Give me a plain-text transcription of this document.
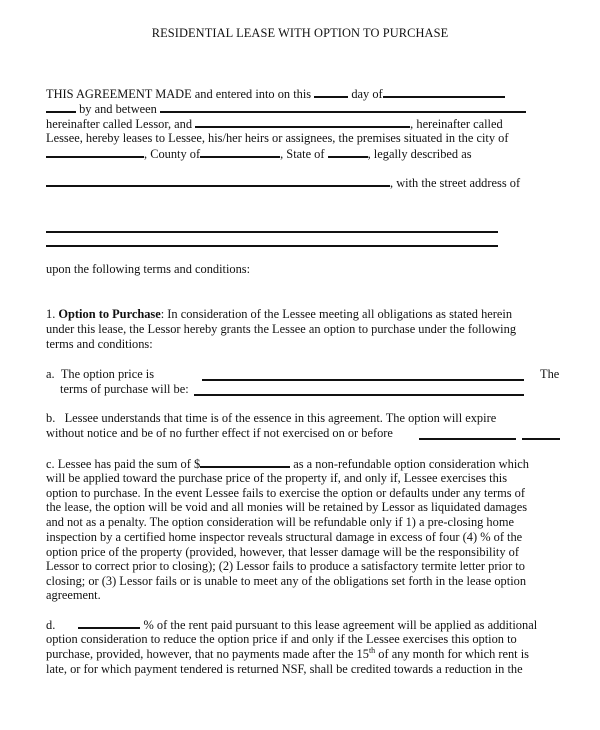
RESIDENTIAL LEASE WITH OPTION TO PURCHASE
THIS AGREEMENT MADE and entered into on this	day of
by and between
hereinafter called Lessor, and	, hereinafter called
Lessee, hereby leases to Lessee, his/her heirs or assignees, the premises situated in the city of
, County of	, State of	, legally described as
, with the street address of
upon the following terms and conditions:
1. Option to Purchase: In consideration of the Lessee meeting all obligations as stated herein
under this lease, the Lessor hereby grants the Lessee an option to purchase under the following
terms and conditions:
a. The option price is	The
terms of purchase will be:
b. Lessee understands that time is of the essence in this agreement. The option will expire
without notice and be of no further effect if not exercised on or before
c. Lessee has paid the sum of $	as a non-refundable option consideration which
will be applied toward the purchase price of the property if, and only if, Lessee exercises this
option to purchase. In the event Lessee fails to exercise the option or defaults under any terms of
the lease, the option will be void and all monies will be retained by Lessor as liquidated damages
and not as a penalty. The option consideration will be refundable only if 1) a pre-closing home
inspection by a certified home inspector reveals structural damage in excess of four (4) % of the
option price of the property (provided, however, that lesser damage will be the responsibility of
Lessor to correct prior to closing); (2) Lessor fails to produce a satisfactory termite letter prior to
closing; or (3) Lessor fails or is unable to meet any of the obligations set forth in the lease option
agreement.
d.	% of the rent paid pursuant to this lease agreement will be applied as additional
option consideration to reduce the option price if and only if the Lessee exercises this option to
purchase, provided, however, that no payments made after the 15th of any month for which rent is
late, or for which payment tendered is returned NSF, shall be credited towards a reduction in the
